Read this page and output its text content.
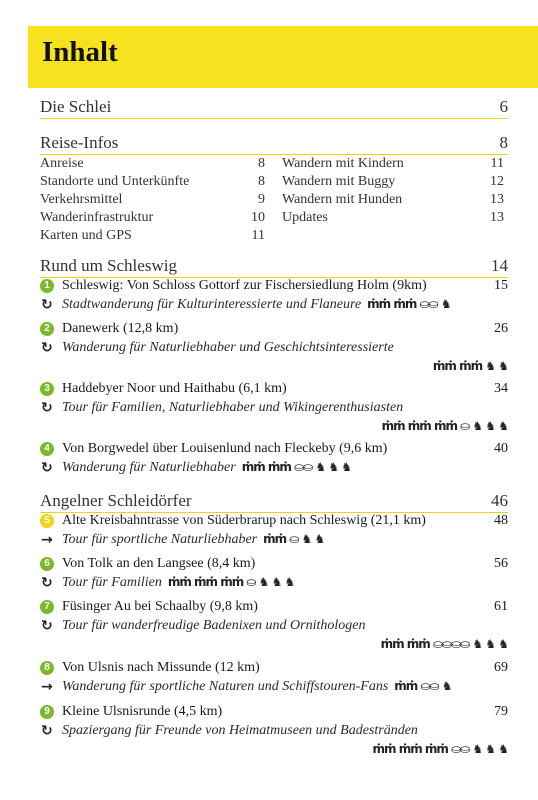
Inhalt
Die Schlei	6
Reise-Infos	8
Anreise	8
Standorte und Unterkünfte	8
Verkehrsmittel	9
Wanderinfrastruktur	10
Karten und GPS	11
Wandern mit Kindern	11
Wandern mit Buggy	12
Wandern mit Hunden	13
Updates	13
Rund um Schleswig	14
1 Schleswig: Von Schloss Gottorf zur Fischersiedlung Holm (9km)	15
↻ Stadtwanderung für Kulturinteressierte und Flaneure ṁṁ ṁṁ ⛀⛀ ♞
2 Danewerk (12,8 km)	26
↻ Wanderung für Naturliebhaber und Geschichtsinteressierte
ṁṁ ṁṁ ♞ ♞
3 Haddebyer Noor und Haithabu (6,1 km)	34
↻ Tour für Familien, Naturliebhaber und Wikingerenthusiasten
ṁṁ ṁṁ ṁṁ ⛀ ♞ ♞ ♞
4 Von Borgwedel über Louisenlund nach Fleckeby (9,6 km)	40
↻ Wanderung für Naturliebhaber ṁṁ ṁṁ ⛀⛀ ♞ ♞ ♞
Angelner Schleidörfer	46
5 Alte Kreisbahntrasse von Süderbrarup nach Schleswig (21,1 km)	48
→ Tour für sportliche Naturliebhaber ṁṁ ⛀ ♞ ♞
6 Von Tolk an den Langsee (8,4 km)	56
↻ Tour für Familien ṁṁ ṁṁ ṁṁ ⛀ ♞ ♞ ♞
7 Füsinger Au bei Schaalby (9,8 km)	61
↻ Tour für wanderfreudige Badenixen und Ornithologen
ṁṁ ṁṁ ⛀⛀⛀⛀ ♞ ♞ ♞
8 Von Ulsnis nach Missunde (12 km)	69
→ Wanderung für sportliche Naturen und Schiffstouren-Fans ṁṁ ⛀⛀ ♞
9 Kleine Ulsnisrunde (4,5 km)	79
↻ Spaziergang für Freunde von Heimatmuseen und Badestränden
ṁṁ ṁṁ ṁṁ ⛀⛀ ♞ ♞ ♞
